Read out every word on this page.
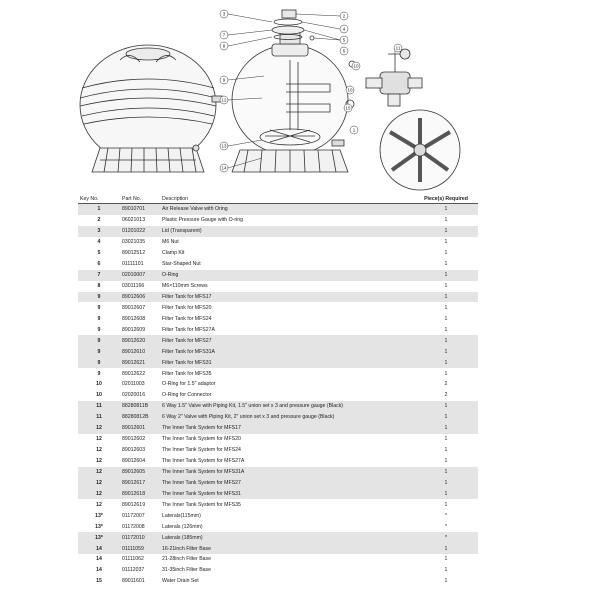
2
4
5
6
3
7
8
9
12
13
14
10
10
11
1
15
Key No.	Part No.	Description	Piece(s) Required
1	89010701	Air Release Valve with Oring	1
2	06021013	Plastic Pressure Gauge with O-ring	1
3	01201022	Lid (Transparent)	1
4	03021035	M6 Nut	1
5	89012512	Clamp Kit	1
6	01111101	Star-Shaped Nut	1
7	02010007	O-Ring	1
8	03011166	M6×110mm Screws	1
9	89012606	Filter Tank for MFS17	1
9	89012607	Filter Tank for MFS20	1
9	89012608	Filter Tank for MFS24	1
9	89012609	Filter Tank for MFS27A	1
9	89012620	Filter Tank for MFS27	1
9	89012610	Filter Tank for MFS31A	1
9	89012621	Filter Tank for MFS31	1
9	89012622	Filter Tank for MFS35	1
10	02011003	O-Ring for 1.5" adaptor	2
10	02020016	O-Ring for Connector	2
11	88280811B	6 Way 1.5" Valve with Piping Kit, 1.5" union set x 3 and pressure gauge (Black)	1
11	88280812B	6 Way 2" Valve with Piping Kit, 2" union set x 3 and pressure gauge (Black)	1
12	89012601	The Inner Tank System for MFS17	1
12	89012602	The Inner Tank System for MFS20	1
12	89012603	The Inner Tank System for MFS24	1
12	89012604	The Inner Tank System for MFS27A	1
12	89012605	The Inner Tank System for MFS31A	1
12	89012617	The Inner Tank System for MFS27	1
12	89012618	The Inner Tank System for MFS31	1
12	89012619	The Inner Tank System for MFS35	1
13*	01172007	Laterals(115mm)	*
13*	01172008	Laterals (126mm)	*
13*	01172010	Laterals (185mm)	*
14	01111059	16-21inch Filter Base	1
14	01111062	21-28inch Filter Base	1
14	01112037	31-35inch Filter Base	1
15	89011601	Water Drain Set	1
